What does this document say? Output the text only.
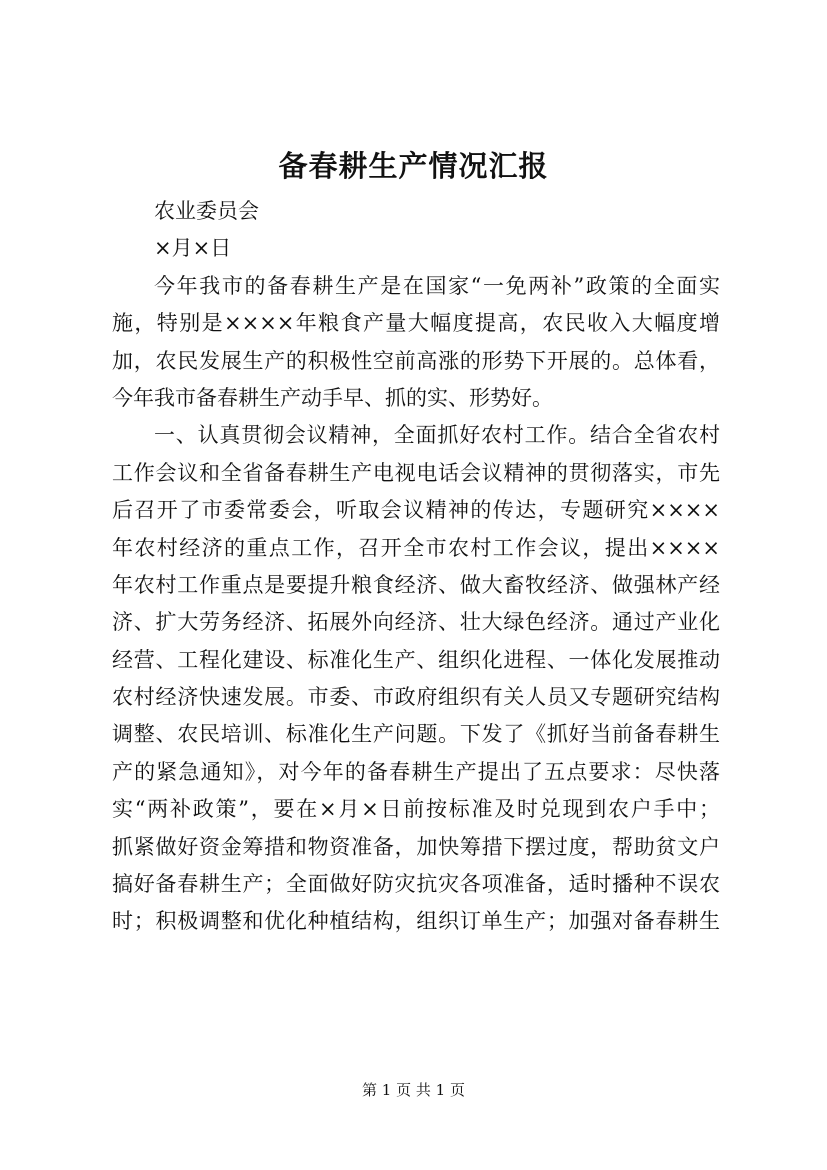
备春耕生产情况汇报
农业委员会
×月×日
今年我市的备春耕生产是在国家“一免两补”政策的全面实
施，特别是××××年粮食产量大幅度提高，农民收入大幅度增
加，农民发展生产的积极性空前高涨的形势下开展的。总体看，
今年我市备春耕生产动手早、抓的实、形势好。
一、认真贯彻会议精神，全面抓好农村工作。结合全省农村
工作会议和全省备春耕生产电视电话会议精神的贯彻落实，市先
后召开了市委常委会，听取会议精神的传达，专题研究××××
年农村经济的重点工作，召开全市农村工作会议，提出××××
年农村工作重点是要提升粮食经济、做大畜牧经济、做强林产经
济、扩大劳务经济、拓展外向经济、壮大绿色经济。通过产业化
经营、工程化建设、标准化生产、组织化进程、一体化发展推动
农村经济快速发展。市委、市政府组织有关人员又专题研究结构
调整、农民培训、标准化生产问题。下发了《抓好当前备春耕生
产的紧急通知》，对今年的备春耕生产提出了五点要求：尽快落
实“两补政策”，要在×月×日前按标准及时兑现到农户手中；
抓紧做好资金筹措和物资准备，加快筹措下摆过度，帮助贫文户
搞好备春耕生产；全面做好防灾抗灾各项准备，适时播种不误农
时；积极调整和优化种植结构，组织订单生产；加强对备春耕生
第 1 页 共 1 页
